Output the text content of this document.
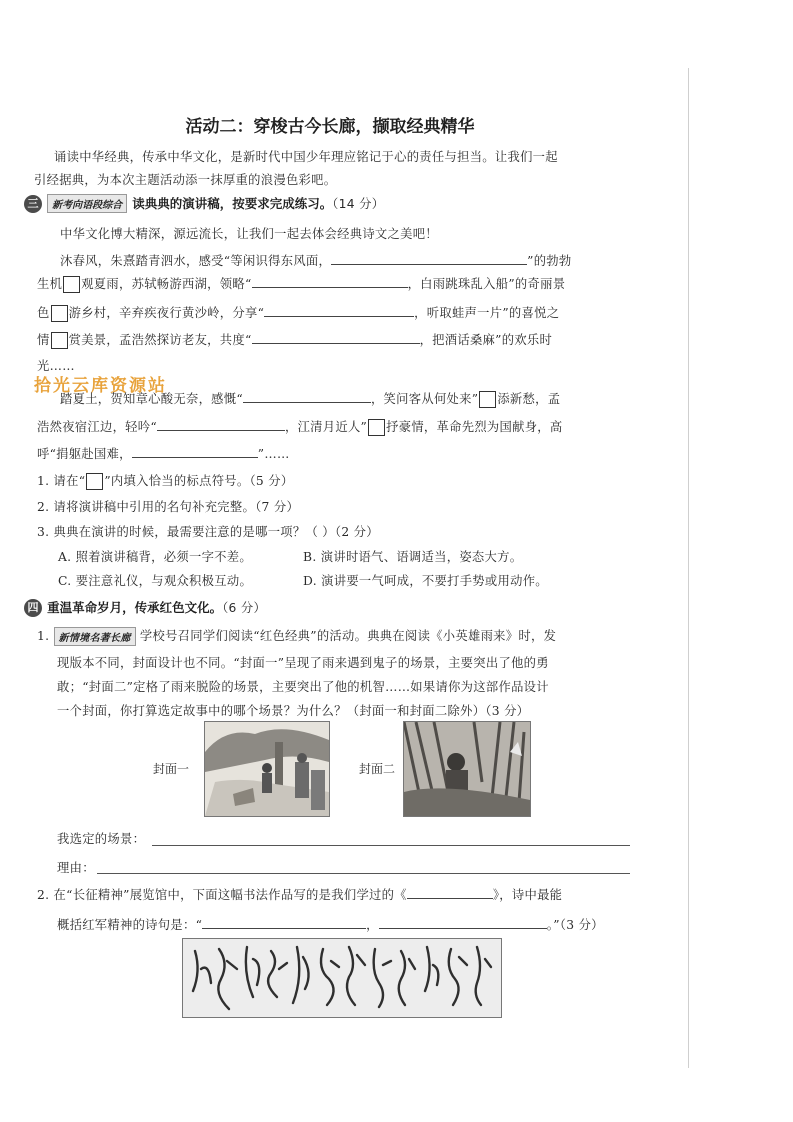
活动二：穿梭古今长廊，撷取经典精华
诵读中华经典，传承中华文化，是新时代中国少年理应铭记于心的责任与担当。让我们一起
引经据典，为本次主题活动添一抹厚重的浪漫色彩吧。
三 新考向语段综合 读典典的演讲稿，按要求完成练习。（14 分）
中华文化博大精深，源远流长，让我们一起去体会经典诗文之美吧！
沐春风，朱熹踏青泗水，感受“等闲识得东风面，	”的勃勃
生机 观夏雨，苏轼畅游西湖，领略“	，白雨跳珠乱入船”的奇丽景
色 游乡村，辛弃疾夜行黄沙岭，分享“	，听取蛙声一片”的喜悦之
情 赏美景，孟浩然探访老友，共度“	，把酒话桑麻”的欢乐时
光……
拾光云库资源站
踏夏土，贺知章心酸无奈，感慨“	，笑问客从何处来” 添新愁，孟
浩然夜宿江边，轻吟“	，江清月近人” 抒豪情，革命先烈为国献身，高
呼“捐躯赴国难，	”……
1. 请在“ ”内填入恰当的标点符号。（5 分）
2. 请将演讲稿中引用的名句补充完整。（7 分）
3. 典典在演讲的时候，最需要注意的是哪一项？（ ）（2 分）
A. 照着演讲稿背，必须一字不差。	B. 演讲时语气、语调适当，姿态大方。
C. 要注意礼仪，与观众积极互动。	D. 演讲要一气呵成，不要打手势或用动作。
四 重温革命岁月，传承红色文化。（6 分）
1. 新情境名著长廊 学校号召同学们阅读“红色经典”的活动。典典在阅读《小英雄雨来》时，发
现版本不同，封面设计也不同。“封面一”呈现了雨来遇到鬼子的场景，主要突出了他的勇
敢；“封面二”定格了雨来脱险的场景，主要突出了他的机智……如果请你为这部作品设计
一个封面，你打算选定故事中的哪个场景？为什么？（封面一和封面二除外）（3 分）
封面一	封面二
我选定的场景：
理由：
2. 在“长征精神”展览馆中，下面这幅书法作品写的是我们学过的《	》，诗中最能
概括红军精神的诗句是：“	，	。”（3 分）
